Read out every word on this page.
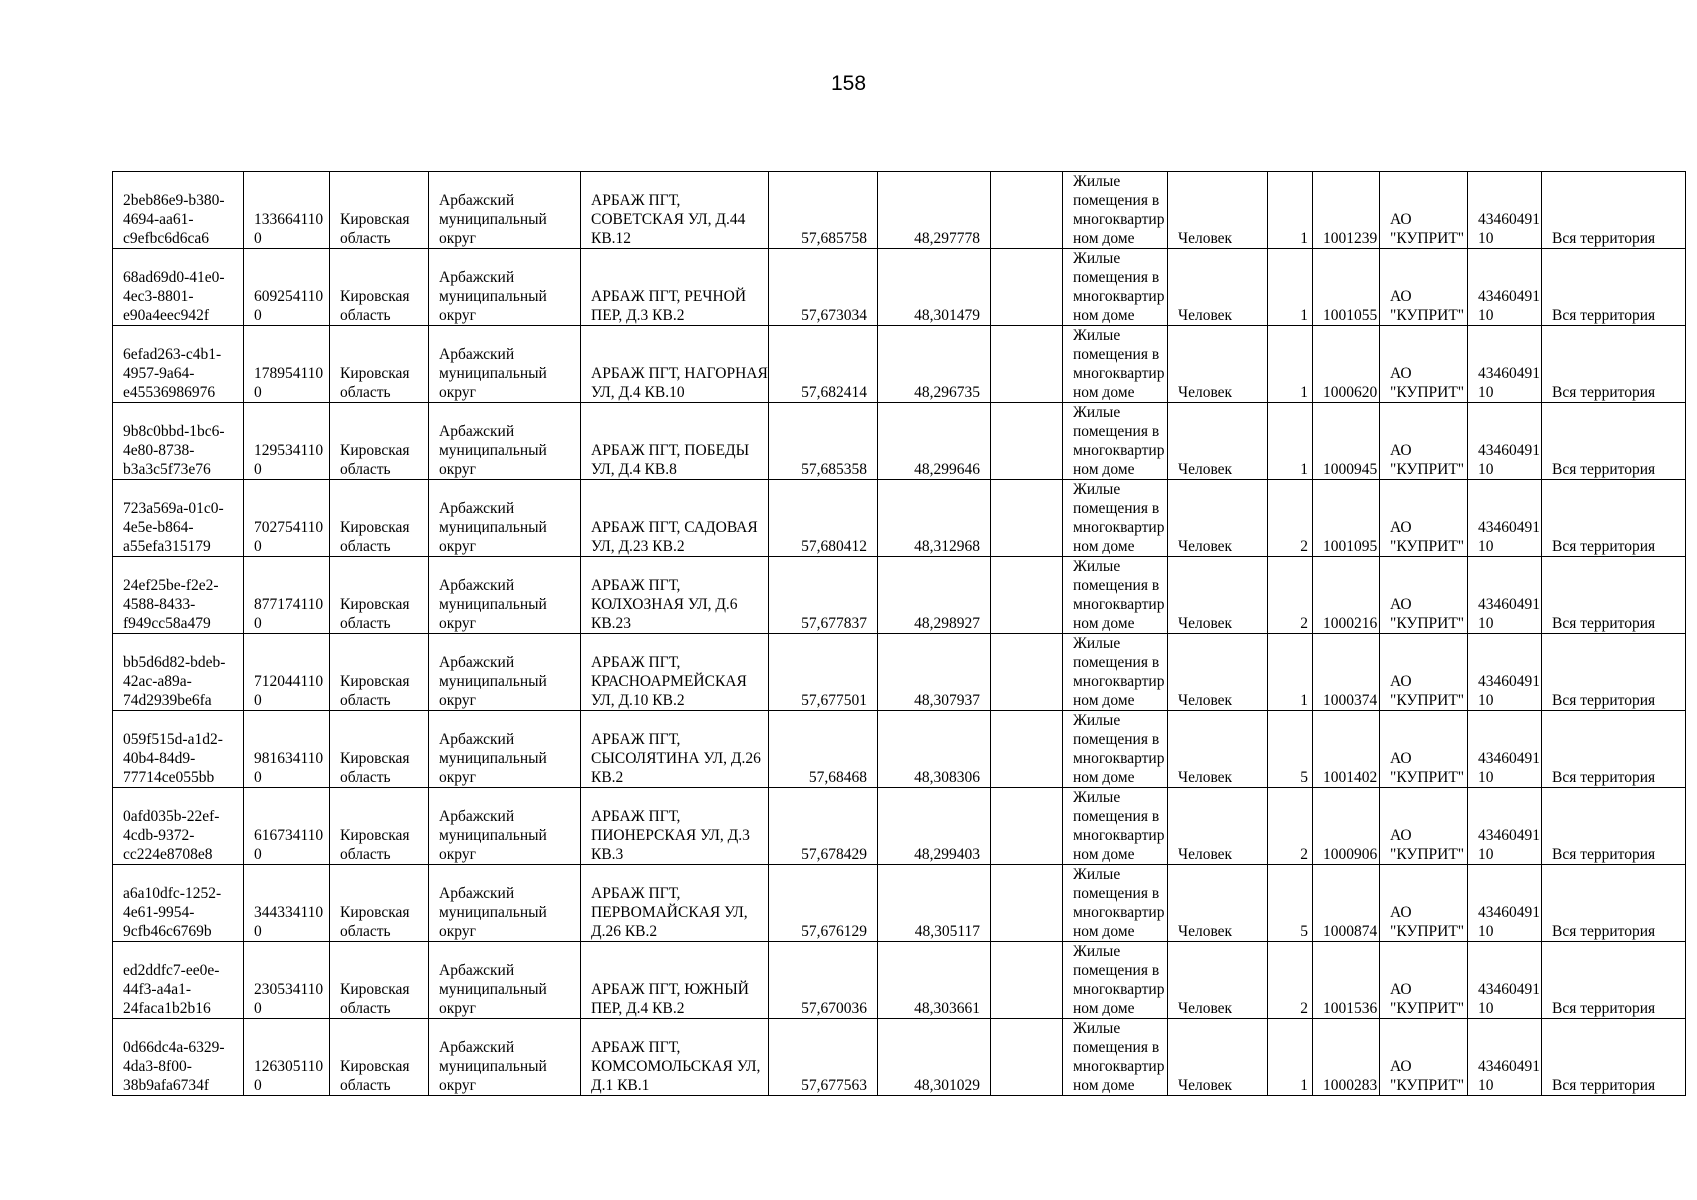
158
2beb86e9-b380-4694-aa61-c9efbc6d6ca6	1336641100	Кировская область	Арбажский муниципальный округ	АРБАЖ ПГТ, СОВЕТСКАЯ УЛ, Д.44 КВ.12	57,685758	48,297778		Жилые помещения в многоквартирном доме	Человек	1	1001239	АО "КУПРИТ"	4346049110	Вся территория
68ad69d0-41e0-4ec3-8801-e90a4eec942f	6092541100	Кировская область	Арбажский муниципальный округ	АРБАЖ ПГТ, РЕЧНОЙ ПЕР, Д.3 КВ.2	57,673034	48,301479		Жилые помещения в многоквартирном доме	Человек	1	1001055	АО "КУПРИТ"	4346049110	Вся территория
6efad263-c4b1-4957-9a64-e45536986976	1789541100	Кировская область	Арбажский муниципальный округ	АРБАЖ ПГТ, НАГОРНАЯ УЛ, Д.4 КВ.10	57,682414	48,296735		Жилые помещения в многоквартирном доме	Человек	1	1000620	АО "КУПРИТ"	4346049110	Вся территория
9b8c0bbd-1bc6-4e80-8738-b3a3c5f73e76	1295341100	Кировская область	Арбажский муниципальный округ	АРБАЖ ПГТ, ПОБЕДЫ УЛ, Д.4 КВ.8	57,685358	48,299646		Жилые помещения в многоквартирном доме	Человек	1	1000945	АО "КУПРИТ"	4346049110	Вся территория
723a569a-01c0-4e5e-b864-a55efa315179	7027541100	Кировская область	Арбажский муниципальный округ	АРБАЖ ПГТ, САДОВАЯ УЛ, Д.23 КВ.2	57,680412	48,312968		Жилые помещения в многоквартирном доме	Человек	2	1001095	АО "КУПРИТ"	4346049110	Вся территория
24ef25be-f2e2-4588-8433-f949cc58a479	8771741100	Кировская область	Арбажский муниципальный округ	АРБАЖ ПГТ, КОЛХОЗНАЯ УЛ, Д.6 КВ.23	57,677837	48,298927		Жилые помещения в многоквартирном доме	Человек	2	1000216	АО "КУПРИТ"	4346049110	Вся территория
bb5d6d82-bdeb-42ac-a89a-74d2939be6fa	7120441100	Кировская область	Арбажский муниципальный округ	АРБАЖ ПГТ, КРАСНОАРМЕЙСКАЯ УЛ, Д.10 КВ.2	57,677501	48,307937		Жилые помещения в многоквартирном доме	Человек	1	1000374	АО "КУПРИТ"	4346049110	Вся территория
059f515d-a1d2-40b4-84d9-77714ce055bb	9816341100	Кировская область	Арбажский муниципальный округ	АРБАЖ ПГТ, СЫСОЛЯТИНА УЛ, Д.26 КВ.2	57,68468	48,308306		Жилые помещения в многоквартирном доме	Человек	5	1001402	АО "КУПРИТ"	4346049110	Вся территория
0afd035b-22ef-4cdb-9372-cc224e8708e8	6167341100	Кировская область	Арбажский муниципальный округ	АРБАЖ ПГТ, ПИОНЕРСКАЯ УЛ, Д.3 КВ.3	57,678429	48,299403		Жилые помещения в многоквартирном доме	Человек	2	1000906	АО "КУПРИТ"	4346049110	Вся территория
a6a10dfc-1252-4e61-9954-9cfb46c6769b	3443341100	Кировская область	Арбажский муниципальный округ	АРБАЖ ПГТ, ПЕРВОМАЙСКАЯ УЛ, Д.26 КВ.2	57,676129	48,305117		Жилые помещения в многоквартирном доме	Человек	5	1000874	АО "КУПРИТ"	4346049110	Вся территория
ed2ddfc7-ee0e-44f3-a4a1-24faca1b2b16	2305341100	Кировская область	Арбажский муниципальный округ	АРБАЖ ПГТ, ЮЖНЫЙ ПЕР, Д.4 КВ.2	57,670036	48,303661		Жилые помещения в многоквартирном доме	Человек	2	1001536	АО "КУПРИТ"	4346049110	Вся территория
0d66dc4a-6329-4da3-8f00-38b9afa6734f	1263051100	Кировская область	Арбажский муниципальный округ	АРБАЖ ПГТ, КОМСОМОЛЬСКАЯ УЛ, Д.1 КВ.1	57,677563	48,301029		Жилые помещения в многоквартирном доме	Человек	1	1000283	АО "КУПРИТ"	4346049110	Вся территория
